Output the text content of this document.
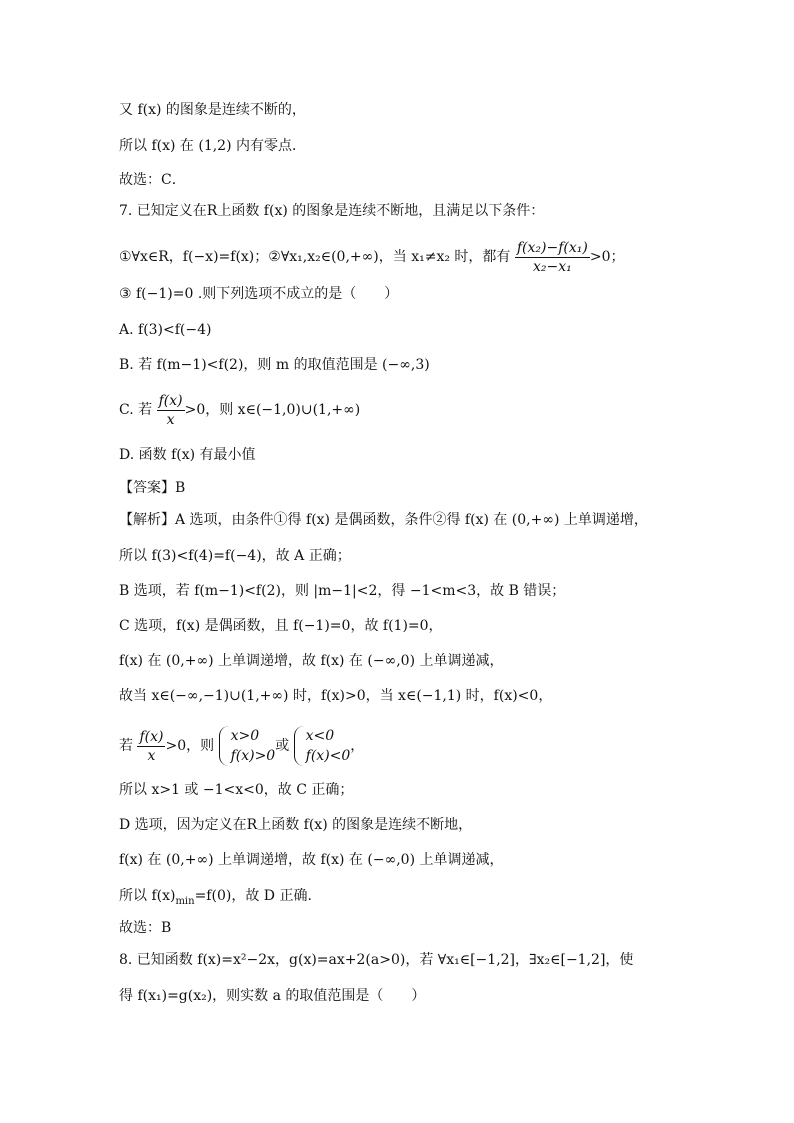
又 f(x) 的图象是连续不断的，
所以 f(x) 在 (1,2) 内有零点．
故选：C．
7. 已知定义在R上函数 f(x) 的图象是连续不断地，且满足以下条件：
①∀x∈R，f(−x)=f(x)；②∀x₁,x₂∈(0,+∞)，当 x₁≠x₂ 时，都有 $\frac{\text{f(x₂)−f(x₁)}}{\text{x₂−x₁}} >0$；
③ f(−1)=0 .则下列选项不成立的是（　　）
A. f(3)<f(−4)
B. 若 f(m−1)<f(2)，则 m 的取值范围是 (−∞,3)
C. 若 $\frac{f(x)}{x} >0$，则 x∈(−1,0)∪(1,+∞)
D. 函数 f(x) 有最小值
【答案】B
【解析】A 选项，由条件①得 f(x) 是偶函数，条件②得 f(x) 在 (0,+∞) 上单调递增，
所以 f(3)<f(4)=f(−4)，故 A 正确；
B 选项，若 f(m−1)<f(2)，则 |m−1|<2，得 −1<m<3，故 B 错误；
C 选项，f(x) 是偶函数，且 f(−1)=0，故 f(1)=0，
f(x) 在 (0,+∞) 上单调递增，故 f(x) 在 (−∞,0) 上单调递减，
故当 x∈(−∞,−1)∪(1,+∞) 时，f(x)>0，当 x∈(−1,1) 时，f(x)<0，
若 $\frac{f(x)}{x} >0$，则
x>0
f(x)>0
或
x<0
f(x)<0
，
所以 x>1 或 −1<x<0，故 C 正确；
D 选项，因为定义在R上函数 f(x) 的图象是连续不断地，
f(x) 在 (0,+∞) 上单调递增，故 f(x) 在 (−∞,0) 上单调递减，
所以 $f(x)_{min}=f(0)$，故 D 正确.
故选：B
8. 已知函数 f(x)=x²−2x，g(x)=ax+2(a>0)，若 ∀x₁∈[−1,2]，∃x₂∈[−1,2]，使
得 f(x₁)=g(x₂)，则实数 a 的取值范围是（　　）
